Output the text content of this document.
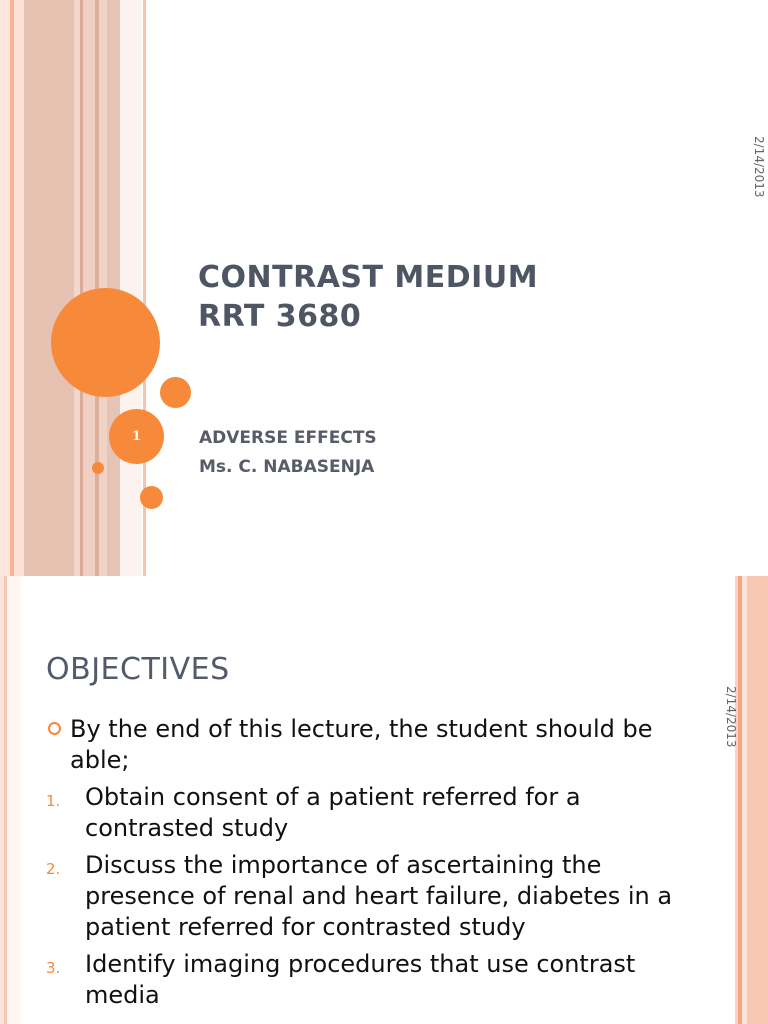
2/14/2013
1
CONTRAST MEDIUM
RRT 3680
ADVERSE EFFECTS
Ms. C. NABASENJA
2/14/2013
OBJECTIVES
By the end of this lecture, the student should be able;
1. Obtain consent of a patient referred for a contrasted study
2. Discuss the importance of ascertaining the presence of renal and heart failure, diabetes in a patient referred for contrasted study
3. Identify imaging procedures that use contrast media
